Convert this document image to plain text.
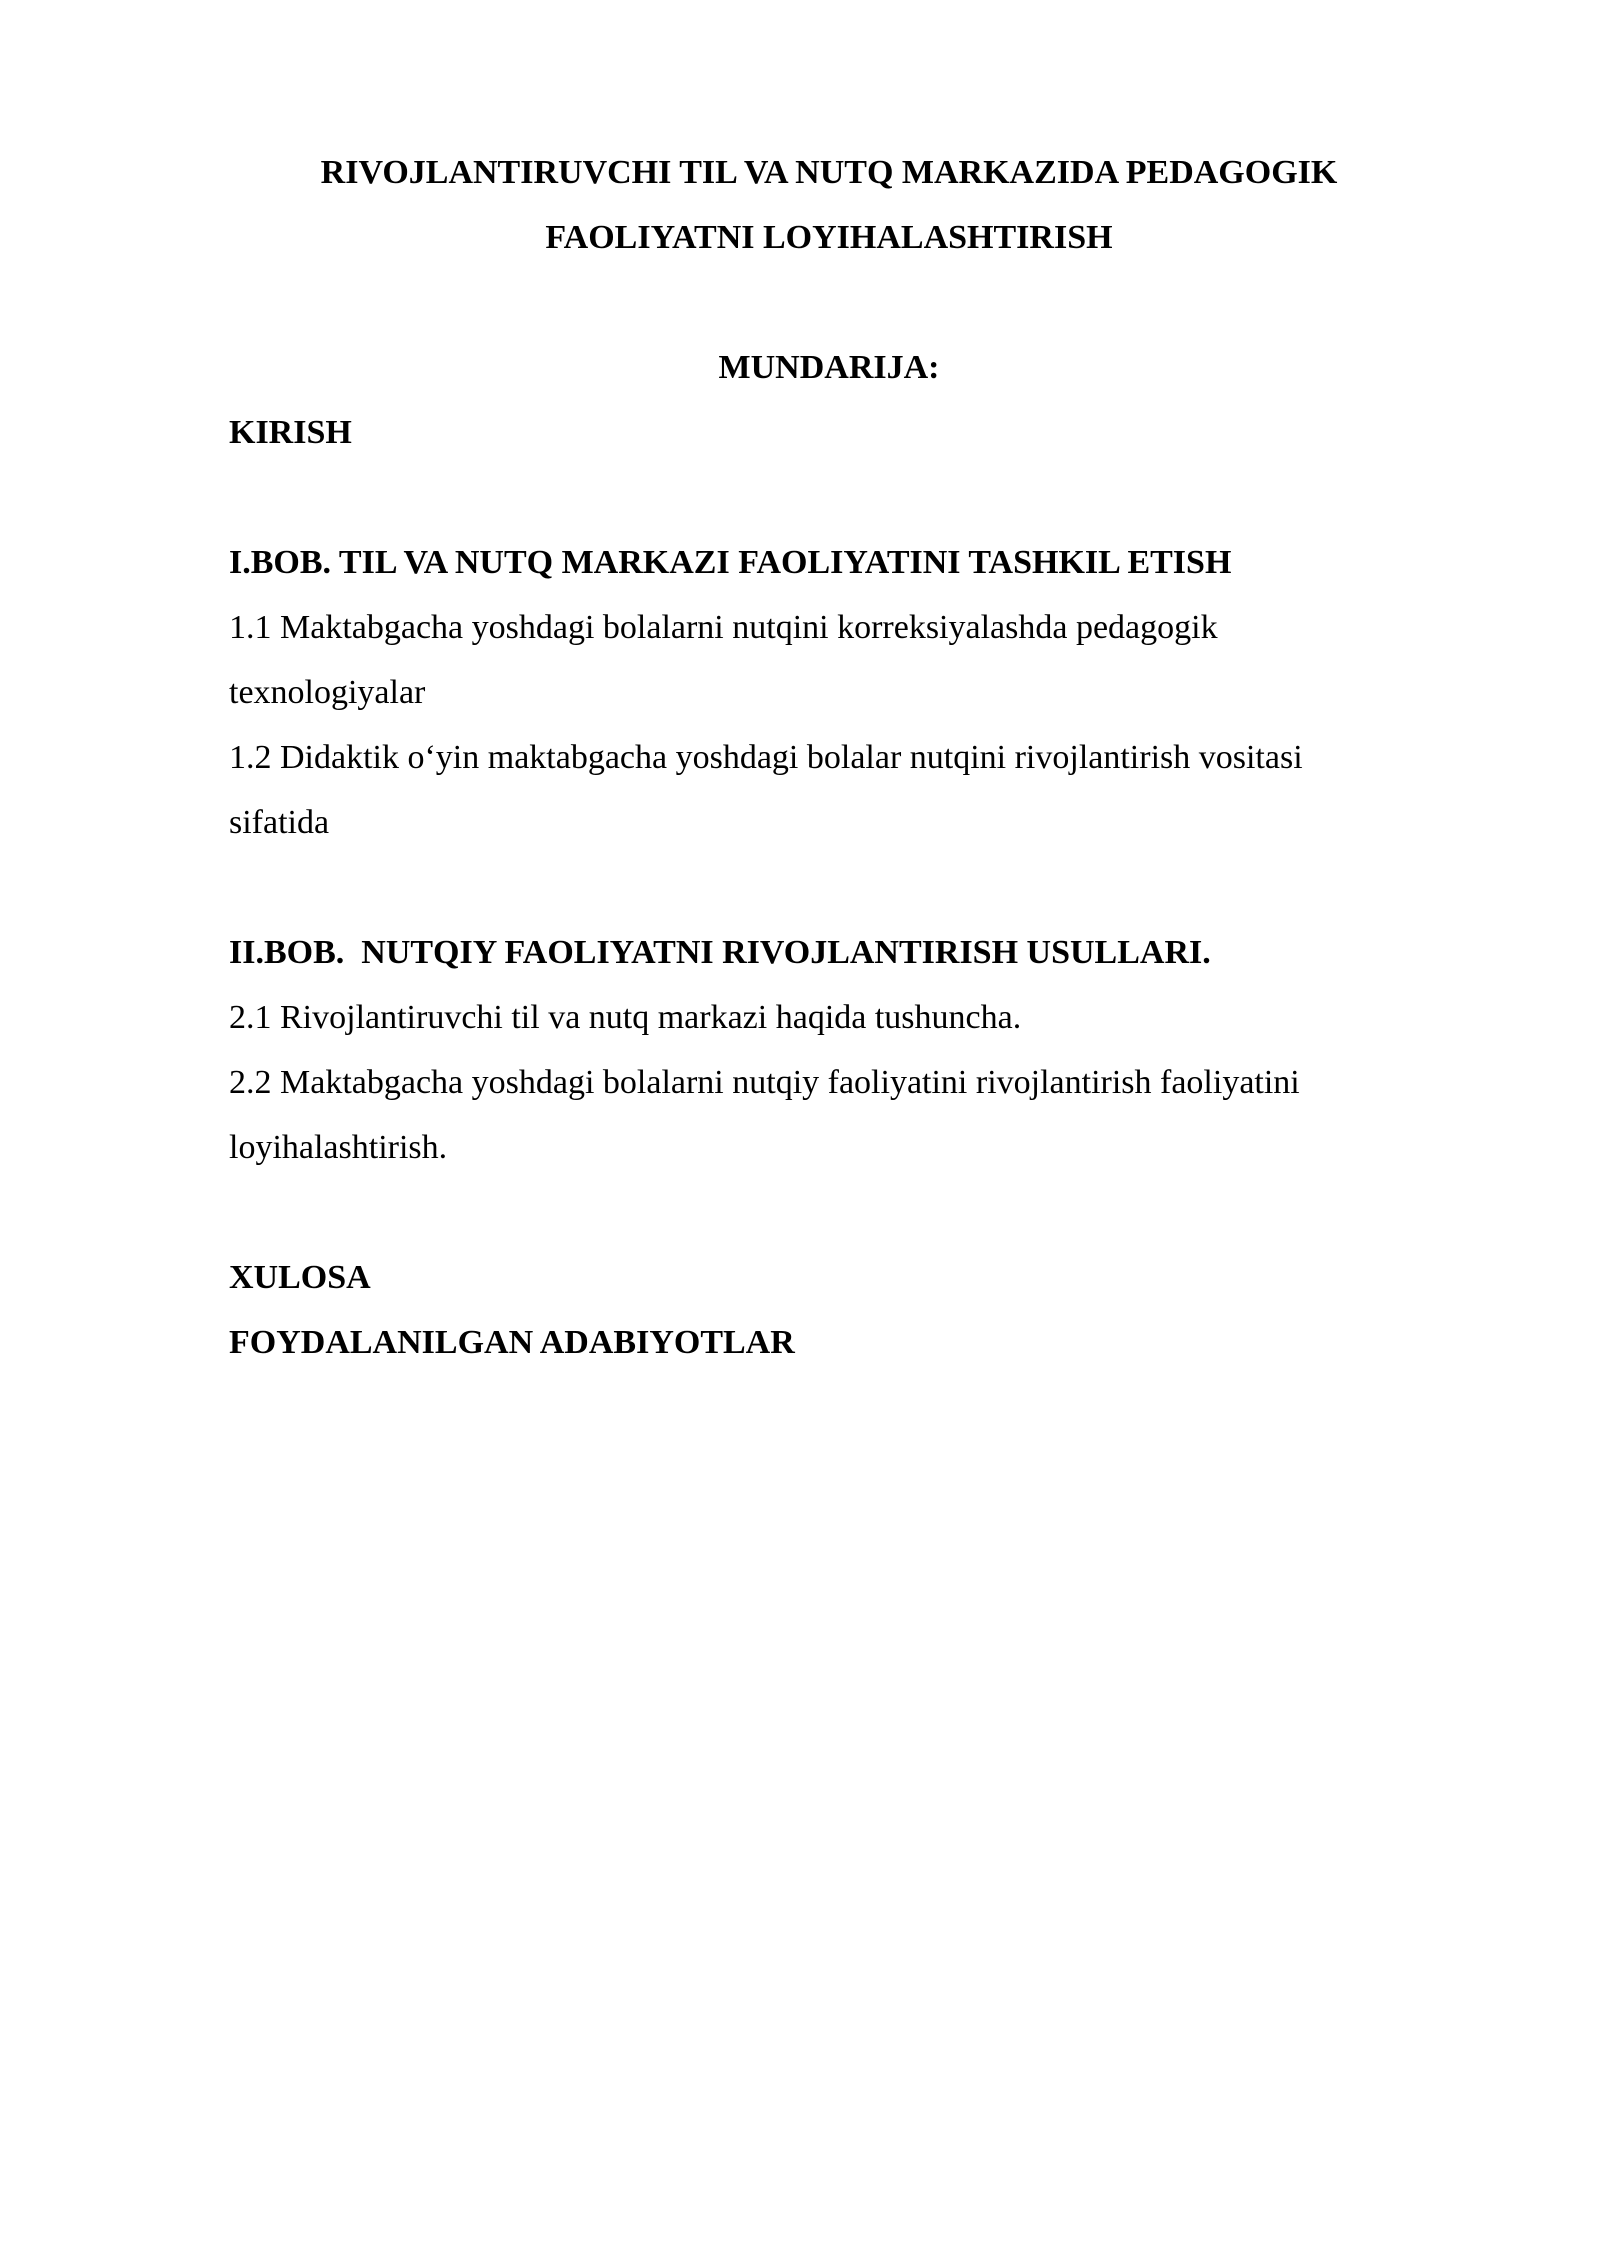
RIVOJLANTIRUVCHI TIL VA NUTQ MARKAZIDA PEDAGOGIK
FAOLIYATNI LOYIHALASHTIRISH
MUNDARIJA:
KIRISH
I.BOB. TIL VA NUTQ MARKAZI FAOLIYATINI TASHKIL ETISH
1.1 Maktabgacha yoshdagi bolalarni nutqini korreksiyalashda pedagogik
texnologiyalar
1.2 Didaktik o‘yin maktabgacha yoshdagi bolalar nutqini rivojlantirish vositasi
sifatida
II.BOB.  NUTQIY FAOLIYATNI RIVOJLANTIRISH USULLARI.
2.1 Rivojlantiruvchi til va nutq markazi haqida tushuncha.
2.2 Maktabgacha yoshdagi bolalarni nutqiy faoliyatini rivojlantirish faoliyatini
loyihalashtirish.
XULOSA
FOYDALANILGAN ADABIYOTLAR
